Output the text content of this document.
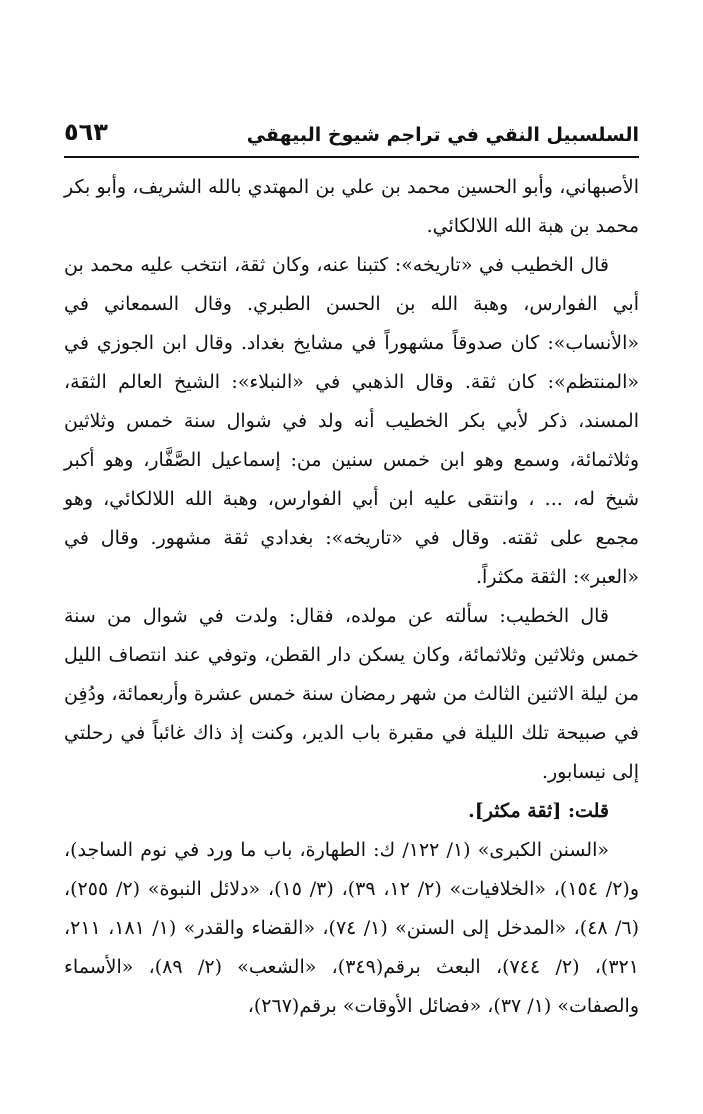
السلسبيل النقي في تراجم شيوخ البيهقي
٥٦٣

الأصبهاني، وأبو الحسين محمد بن علي بن المهتدي بالله الشريف، وأبو بكر محمد بن هبة الله اللالكائي.

قال الخطيب في «تاريخه»: كتبنا عنه، وكان ثقة، انتخب عليه محمد بن أبي الفوارس، وهبة الله بن الحسن الطبري. وقال السمعاني في «الأنساب»: كان صدوقاً مشهوراً في مشايخ بغداد. وقال ابن الجوزي في «المنتظم»: كان ثقة. وقال الذهبي في «النبلاء»: الشيخ العالم الثقة، المسند، ذكر لأبي بكر الخطيب أنه ولد في شوال سنة خمس وثلاثين وثلاثمائة، وسمع وهو ابن خمس سنين من: إسماعيل الصَّفَّار، وهو أكبر شيخ له، ... ، وانتقى عليه ابن أبي الفوارس، وهبة الله اللالكائي، وهو مجمع على ثقته. وقال في «تاريخه»: بغدادي ثقة مشهور. وقال في «العبر»: الثقة مكثراً.

قال الخطيب: سألته عن مولده، فقال: ولدت في شوال من سنة خمس وثلاثين وثلاثمائة، وكان يسكن دار القطن، وتوفي عند انتصاف الليل من ليلة الاثنين الثالث من شهر رمضان سنة خمس عشرة وأربعمائة، ودُفِن في صبيحة تلك الليلة في مقبرة باب الدير، وكنت إذ ذاك غائباً في رحلتي إلى نيسابور.

قلت: [ثقة مكثر].

«السنن الكبرى» (١/ ١٢٢/ ك: الطهارة، باب ما ورد في نوم الساجد)، و(٢/ ١٥٤)، «الخلافيات» (٢/ ١٢، ٣٩)، (٣/ ١٥)، «دلائل النبوة» (٢/ ٢٥٥)، (٦/ ٤٨)، «المدخل إلى السنن» (١/ ٧٤)، «القضاء والقدر» (١/ ١٨١، ٢١١، ٣٢١)، (٢/ ٧٤٤)، البعث برقم(٣٤٩)، «الشعب» (٢/ ٨٩)، «الأسماء والصفات» (١/ ٣٧)، «فضائل الأوقات» برقم(٢٦٧)،
